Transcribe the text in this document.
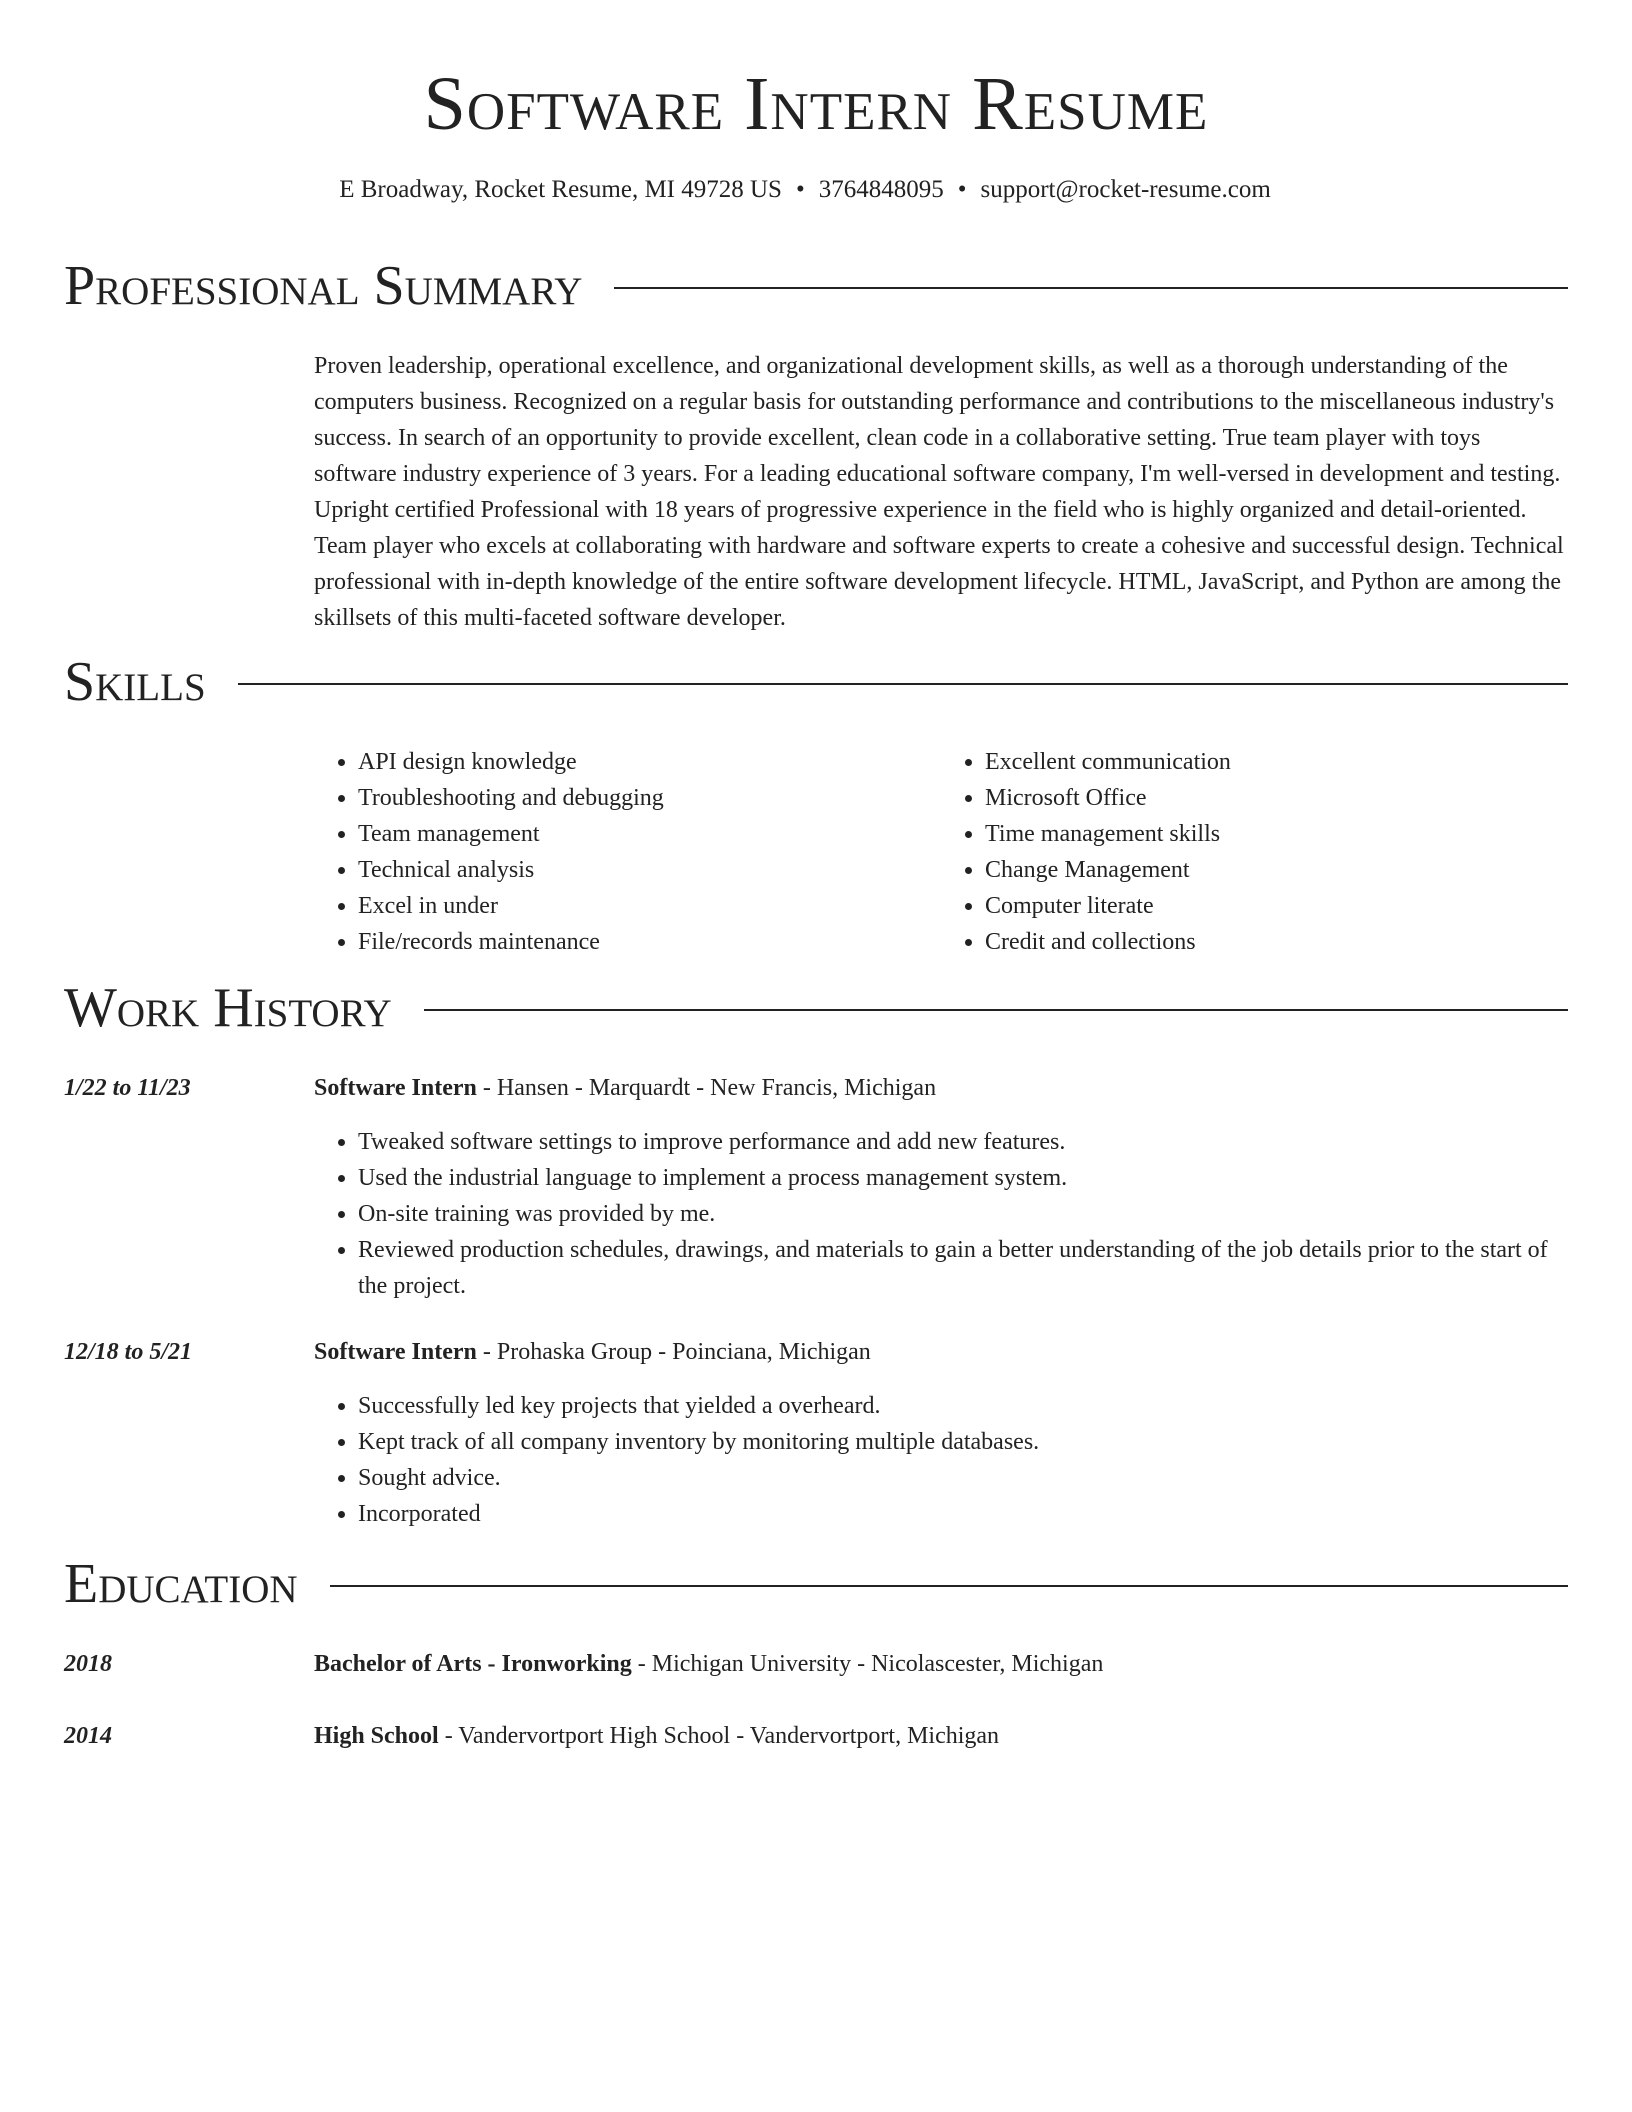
Software Intern Resume
E Broadway, Rocket Resume, MI 49728 US • 3764848095 • support@rocket-resume.com
Professional Summary

Proven leadership, operational excellence, and organizational development skills, as well as a thorough understanding of the computers business. Recognized on a regular basis for outstanding performance and contributions to the miscellaneous industry's success. In search of an opportunity to provide excellent, clean code in a collaborative setting. True team player with toys software industry experience of 3 years. For a leading educational software company, I'm well-versed in development and testing. Upright certified Professional with 18 years of progressive experience in the field who is highly organized and detail-oriented. Team player who excels at collaborating with hardware and software experts to create a cohesive and successful design. Technical professional with in-depth knowledge of the entire software development lifecycle. HTML, JavaScript, and Python are among the skillsets of this multi-faceted software developer.

Skills
• API design knowledge
• Troubleshooting and debugging
• Team management
• Technical analysis
• Excel in under
• File/records maintenance
• Excellent communication
• Microsoft Office
• Time management skills
• Change Management
• Computer literate
• Credit and collections
Work History
1/22 to 11/23	Software Intern - Hansen - Marquardt - New Francis, Michigan
• Tweaked software settings to improve performance and add new features.
• Used the industrial language to implement a process management system.
• On-site training was provided by me.
• Reviewed production schedules, drawings, and materials to gain a better understanding of the job details prior to the start of the project.
12/18 to 5/21	Software Intern - Prohaska Group - Poinciana, Michigan
• Successfully led key projects that yielded a overheard.
• Kept track of all company inventory by monitoring multiple databases.
• Sought advice.
• Incorporated
Education
2018	Bachelor of Arts - Ironworking - Michigan University - Nicolascester, Michigan
2014	High School - Vandervortport High School - Vandervortport, Michigan
